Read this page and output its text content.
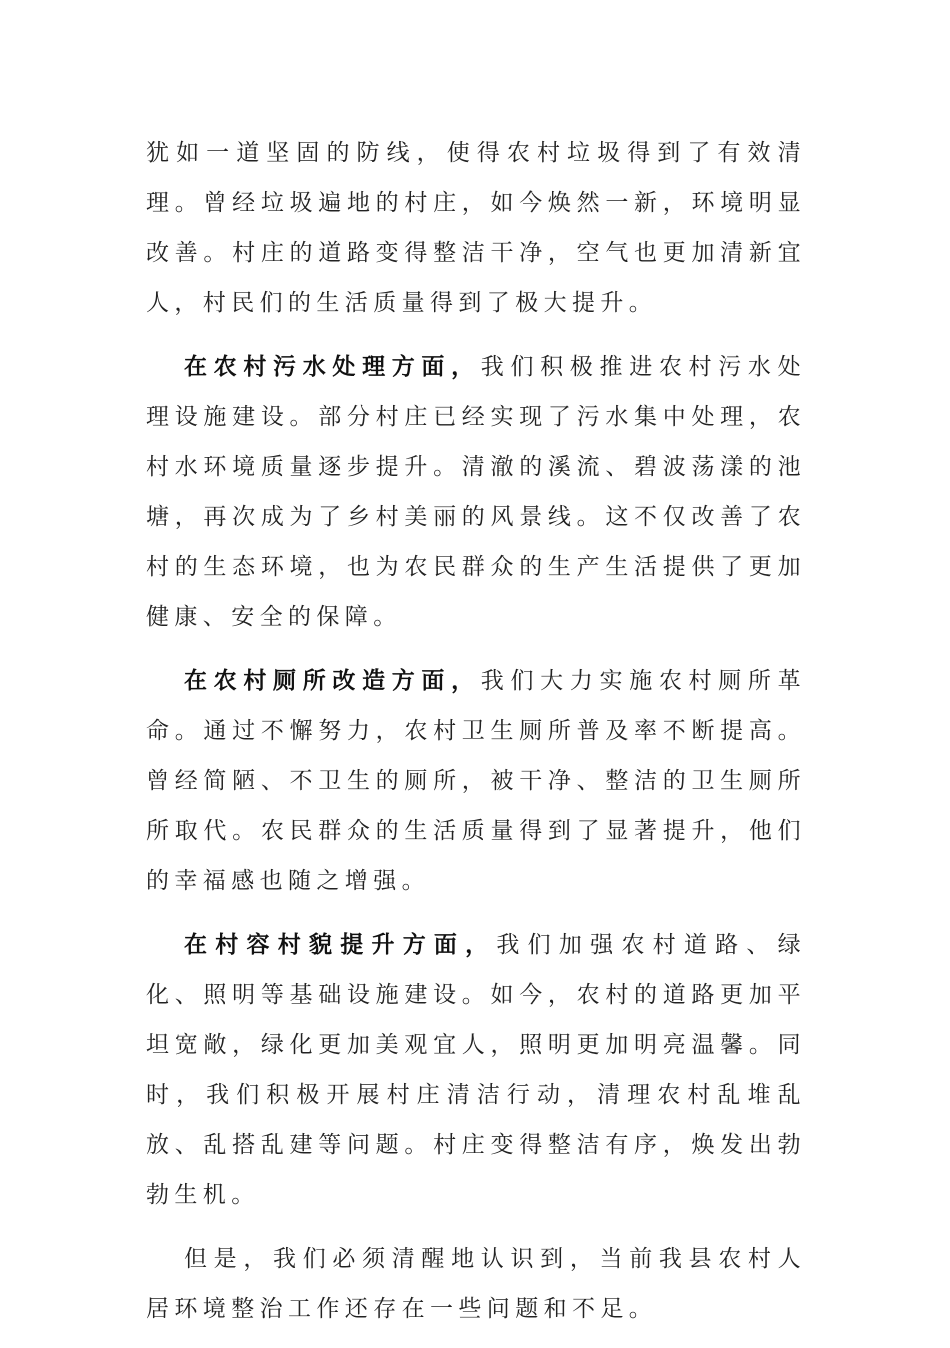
犹如一道坚固的防线，使得农村垃圾得到了有效清理。曾经垃圾遍地的村庄，如今焕然一新，环境明显改善。村庄的道路变得整洁干净，空气也更加清新宜人，村民们的生活质量得到了极大提升。

在农村污水处理方面，我们积极推进农村污水处理设施建设。部分村庄已经实现了污水集中处理，农村水环境质量逐步提升。清澈的溪流、碧波荡漾的池塘，再次成为了乡村美丽的风景线。这不仅改善了农村的生态环境，也为农民群众的生产生活提供了更加健康、安全的保障。

在农村厕所改造方面，我们大力实施农村厕所革命。通过不懈努力，农村卫生厕所普及率不断提高。曾经简陋、不卫生的厕所，被干净、整洁的卫生厕所所取代。农民群众的生活质量得到了显著提升，他们的幸福感也随之增强。

在村容村貌提升方面，我们加强农村道路、绿化、照明等基础设施建设。如今，农村的道路更加平坦宽敞，绿化更加美观宜人，照明更加明亮温馨。同时，我们积极开展村庄清洁行动，清理农村乱堆乱放、乱搭乱建等问题。村庄变得整洁有序，焕发出勃勃生机。

但是，我们必须清醒地认识到，当前我县农村人居环境整治工作还存在一些问题和不足。
